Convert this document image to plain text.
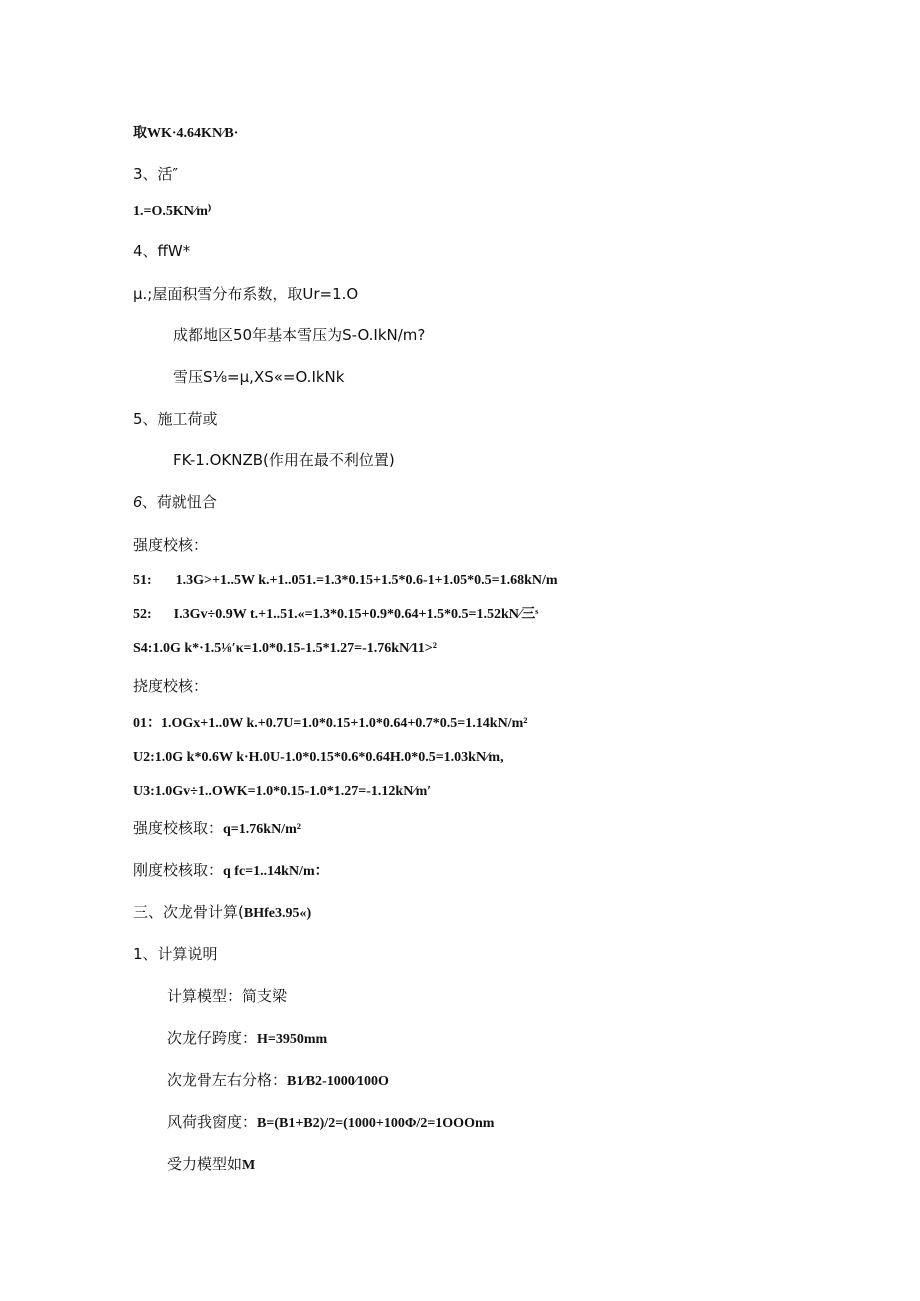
取WK·4.64KN⁄B·
3、活″
1.=O.5KN⁄m⁾
4、ffW*
μ.;屋面积雪分布系数，取Ur=1.O
成都地区50年基本雪压为S-O.IkN/m?
雪压S⅛=μ,XS«=O.IkNk
5、施工荷或
FK-1.OKNZB(作用在最不利位置)
6、荷就忸合
强度校核：
51: 1.3G>+1..5W k.+1..051.=1.3*0.15+1.5*0.6-1+1.05*0.5=1.68kN/m
52: I.3Gv÷0.9W t.+1..51.«=1.3*0.15+0.9*0.64+1.5*0.5=1.52kN⁄三ˢ
S4:1.0G k*·1.5⅛′κ=1.0*0.15-1.5*1.27=-1.76kN⁄11>²
挠度校核：
01：1.OGx+1..0W k.+0.7U=1.0*0.15+1.0*0.64+0.7*0.5=1.14kN/m²
U2:1.0G k*0.6W k·H.0U-1.0*0.15*0.6*0.64H.0*0.5=1.03kN⁄m,
U3:1.0Gv÷1..OWK=1.0*0.15-1.0*1.27=-1.12kN⁄m′
强度校核取：q=1.76kN/m²
刚度校核取：q fc=1..14kN/m：
三、次龙骨计算(BHfe3.95«)
1、计算说明
计算模型：简支梁
次龙仔跨度：H=3950mm
次龙骨左右分格：B1⁄B2-1000⁄100O
风荷我窗度：B=(B1+B2)/2=(1000+100Φ/2=1OOOnm
受力模型如M
